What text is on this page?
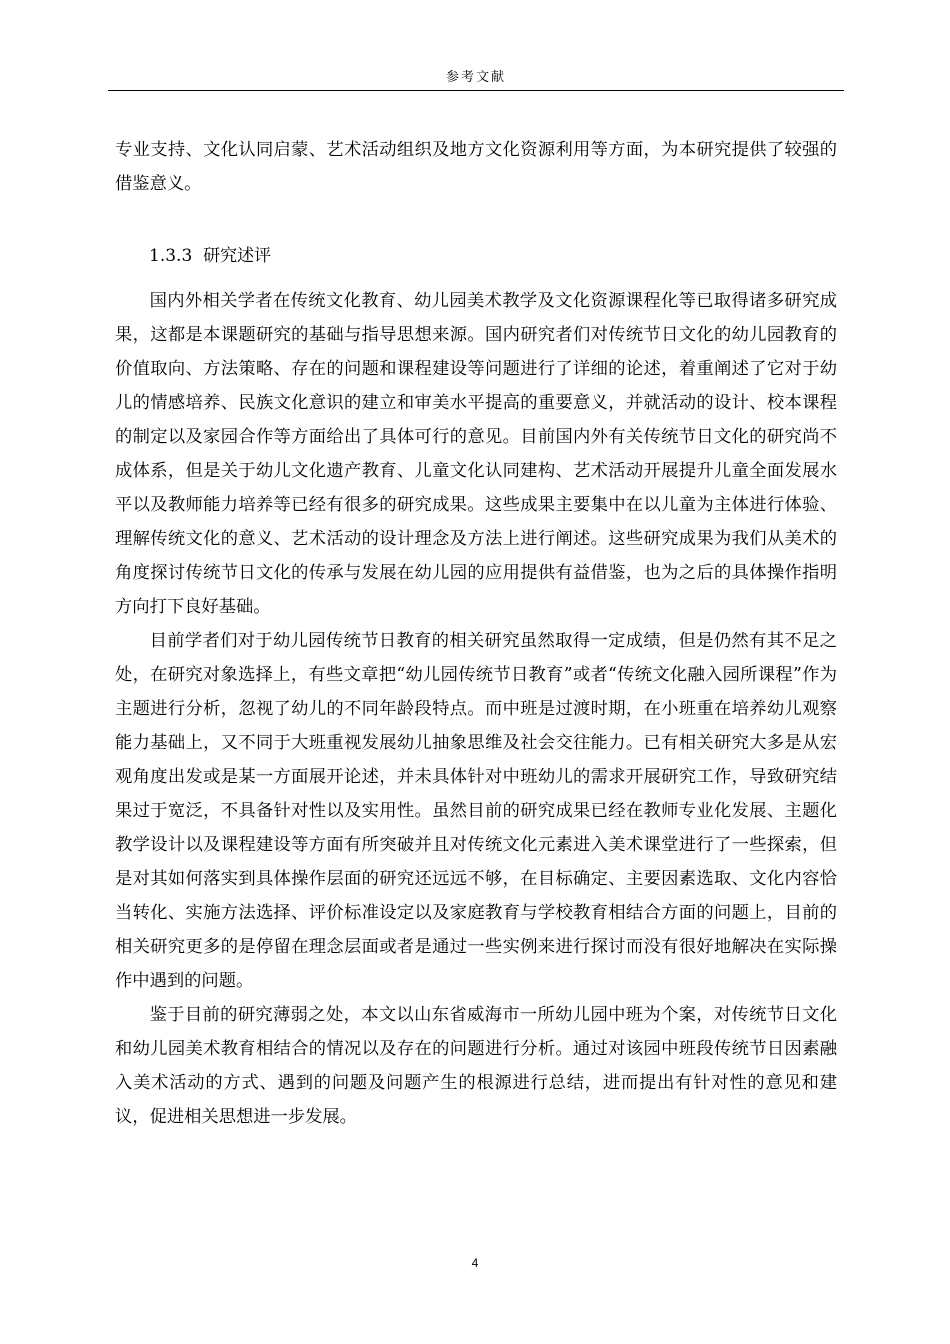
参考文献

专业支持、文化认同启蒙、艺术活动组织及地方文化资源利用等方面，为本研究提供了较强的借鉴意义。

1.3.3 研究述评

国内外相关学者在传统文化教育、幼儿园美术教学及文化资源课程化等已取得诸多研究成果，这都是本课题研究的基础与指导思想来源。国内研究者们对传统节日文化的幼儿园教育的价值取向、方法策略、存在的问题和课程建设等问题进行了详细的论述，着重阐述了它对于幼儿的情感培养、民族文化意识的建立和审美水平提高的重要意义，并就活动的设计、校本课程的制定以及家园合作等方面给出了具体可行的意见。目前国内外有关传统节日文化的研究尚不成体系，但是关于幼儿文化遗产教育、儿童文化认同建构、艺术活动开展提升儿童全面发展水平以及教师能力培养等已经有很多的研究成果。这些成果主要集中在以儿童为主体进行体验、理解传统文化的意义、艺术活动的设计理念及方法上进行阐述。这些研究成果为我们从美术的角度探讨传统节日文化的传承与发展在幼儿园的应用提供有益借鉴，也为之后的具体操作指明方向打下良好基础。

目前学者们对于幼儿园传统节日教育的相关研究虽然取得一定成绩，但是仍然有其不足之处，在研究对象选择上，有些文章把“幼儿园传统节日教育”或者“传统文化融入园所课程”作为主题进行分析，忽视了幼儿的不同年龄段特点。而中班是过渡时期，在小班重在培养幼儿观察能力基础上，又不同于大班重视发展幼儿抽象思维及社会交往能力。已有相关研究大多是从宏观角度出发或是某一方面展开论述，并未具体针对中班幼儿的需求开展研究工作，导致研究结果过于宽泛，不具备针对性以及实用性。虽然目前的研究成果已经在教师专业化发展、主题化教学设计以及课程建设等方面有所突破并且对传统文化元素进入美术课堂进行了一些探索，但是对其如何落实到具体操作层面的研究还远远不够，在目标确定、主要因素选取、文化内容恰当转化、实施方法选择、评价标准设定以及家庭教育与学校教育相结合方面的问题上，目前的相关研究更多的是停留在理念层面或者是通过一些实例来进行探讨而没有很好地解决在实际操作中遇到的问题。

鉴于目前的研究薄弱之处，本文以山东省威海市一所幼儿园中班为个案，对传统节日文化和幼儿园美术教育相结合的情况以及存在的问题进行分析。通过对该园中班段传统节日因素融入美术活动的方式、遇到的问题及问题产生的根源进行总结，进而提出有针对性的意见和建议，促进相关思想进一步发展。

4
